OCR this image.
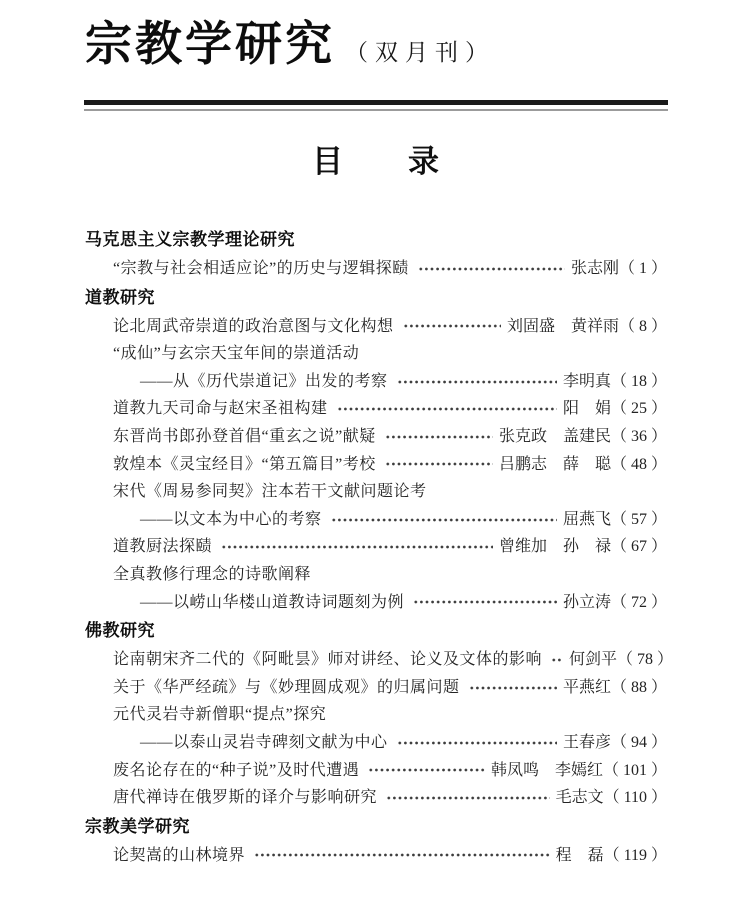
宗教学研究 （双月刊）
目　　录
马克思主义宗教学理论研究
“宗教与社会相适应论”的历史与逻辑探赜	张志刚 （ 1 ）
道教研究
论北周武帝崇道的政治意图与文化构想	刘固盛　黄祥雨 （ 8 ）
“成仙”与玄宗天宝年间的崇道活动
——从《历代崇道记》出发的考察	李明真 （ 18 ）
道教九天司命与赵宋圣祖构建	阳　娟 （ 25 ）
东晋尚书郎孙登首倡“重玄之说”献疑	张克政　盖建民 （ 36 ）
敦煌本《灵宝经目》“第五篇目”考校	吕鹏志　薛　聪 （ 48 ）
宋代《周易参同契》注本若干文献问题论考
——以文本为中心的考察	屈燕飞 （ 57 ）
道教厨法探赜	曾维加　孙　禄 （ 67 ）
全真教修行理念的诗歌阐释
——以崂山华楼山道教诗词题刻为例	孙立涛 （ 72 ）
佛教研究
论南朝宋齐二代的《阿毗昙》师对讲经、论义及文体的影响 何剑平 （ 78 ）
关于《华严经疏》与《妙理圆成观》的归属问题	平燕红 （ 88 ）
元代灵岩寺新僧职“提点”探究
——以泰山灵岩寺碑刻文献为中心	王春彦 （ 94 ）
废名论存在的“种子说”及时代遭遇	韩凤鸣　李嫣红 （ 101 ）
唐代禅诗在俄罗斯的译介与影响研究	毛志文 （ 110 ）
宗教美学研究
论契嵩的山林境界	程　磊 （ 119 ）
